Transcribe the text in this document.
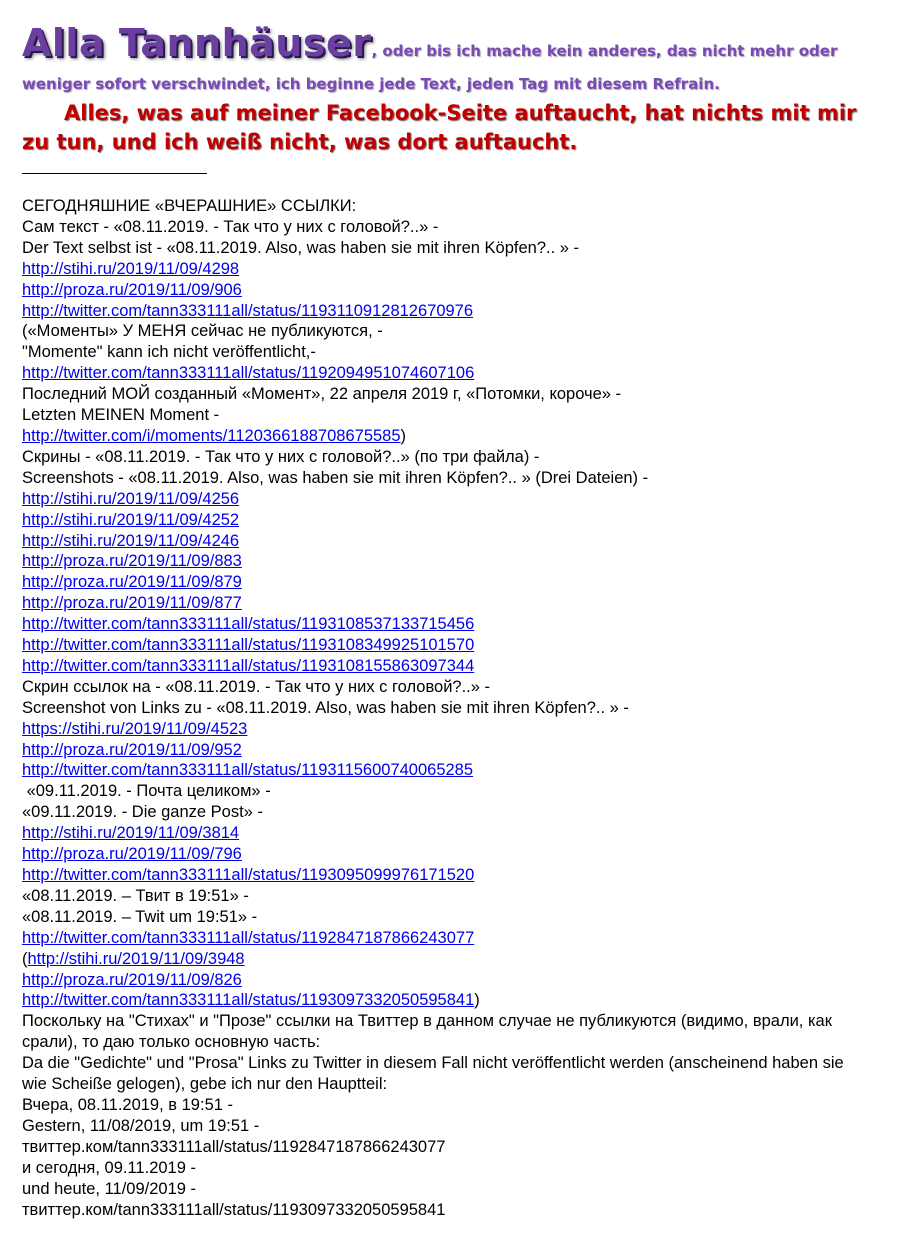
Alla Tannhäuser, oder bis ich mache kein anderes, das nicht mehr oder

weniger sofort verschwindet, ich beginne jede Text, jeden Tag mit diesem Refrain.

Alles, was auf meiner Facebook-Seite auftaucht, hat nichts mit mir zu tun, und ich weiß nicht, was dort auftaucht.

СЕГОДНЯШНИЕ «ВЧЕРАШНИЕ» ССЫЛКИ:

Сам текст - «08.11.2019. - Так что у них с головой?..» -

Der Text selbst ist - «08.11.2019. Also, was haben sie mit ihren Köpfen?.. » -

http://stihi.ru/2019/11/09/4298

http://proza.ru/2019/11/09/906

http://twitter.com/tann333111all/status/1193110912812670976

(«Моменты» У МЕНЯ сейчас не публикуются, -

"Momente" kann ich nicht veröffentlicht,-

http://twitter.com/tann333111all/status/1192094951074607106

Последний МОЙ созданный «Момент», 22 апреля 2019 г, «Потомки, короче» -

Letzten MEINEN Moment -

http://twitter.com/i/moments/1120366188708675585)

Скрины - «08.11.2019. - Так что у них с головой?..» (по три файла) -

Screenshots - «08.11.2019. Also, was haben sie mit ihren Köpfen?.. » (Drei Dateien) -

http://stihi.ru/2019/11/09/4256

http://stihi.ru/2019/11/09/4252

http://stihi.ru/2019/11/09/4246

http://proza.ru/2019/11/09/883

http://proza.ru/2019/11/09/879

http://proza.ru/2019/11/09/877

http://twitter.com/tann333111all/status/1193108537133715456

http://twitter.com/tann333111all/status/1193108349925101570

http://twitter.com/tann333111all/status/1193108155863097344

Скрин ссылок на - «08.11.2019. - Так что у них с головой?..» -

Screenshot von Links zu - «08.11.2019. Also, was haben sie mit ihren Köpfen?.. » -

https://stihi.ru/2019/11/09/4523

http://proza.ru/2019/11/09/952

http://twitter.com/tann333111all/status/1193115600740065285

«09.11.2019. - Почта целиком» -

«09.11.2019. - Die ganze Post» -

http://stihi.ru/2019/11/09/3814

http://proza.ru/2019/11/09/796

http://twitter.com/tann333111all/status/1193095099976171520

«08.11.2019. – Твит в 19:51» -

«08.11.2019. – Twit um 19:51» -

http://twitter.com/tann333111all/status/1192847187866243077

(http://stihi.ru/2019/11/09/3948

http://proza.ru/2019/11/09/826

http://twitter.com/tann333111all/status/1193097332050595841)

Поскольку на "Стихах" и "Прозе" ссылки на Твиттер в данном случае не публикуются (видимо, врали, как срали), то даю только основную часть:

Da die "Gedichte" und "Prosa" Links zu Twitter in diesem Fall nicht veröffentlicht werden (anscheinend haben sie wie Scheiße gelogen), gebe ich nur den Hauptteil:

Вчера, 08.11.2019, в 19:51 -

Gestern, 11/08/2019, um 19:51 -

твиттер.ком/tann333111all/status/1192847187866243077

и сегодня, 09.11.2019 -

und heute, 11/09/2019 -

твиттер.ком/tann333111all/status/1193097332050595841
